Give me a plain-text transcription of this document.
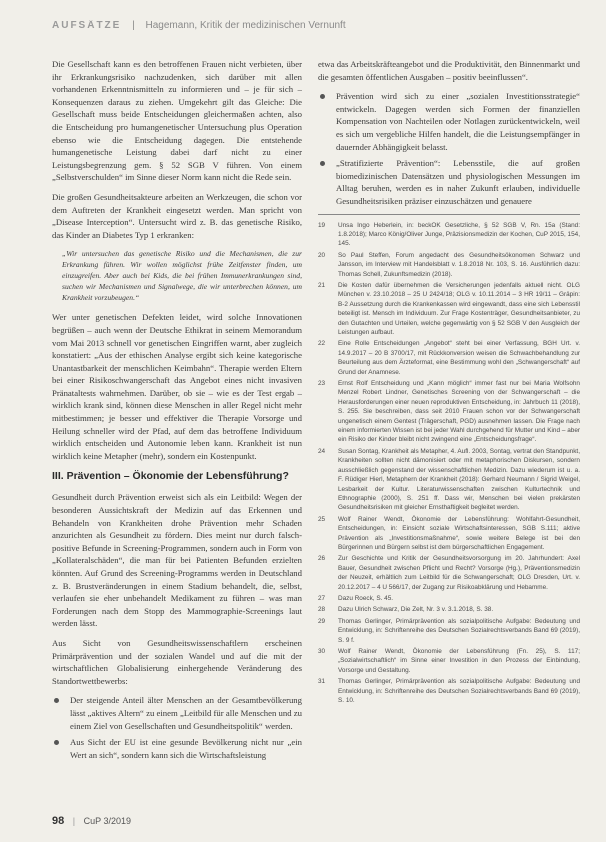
AUFSÄTZE | Hagemann, Kritik der medizinischen Vernunft

Die Gesellschaft kann es den betroffenen Frauen nicht verbieten, über ihr Erkrankungsrisiko nachzudenken, sich darüber mit allen vorhandenen Erkenntnismitteln zu informieren und – je für sich – Konsequenzen daraus zu ziehen. Umgekehrt gilt das Gleiche: Die Gesellschaft muss beide Entscheidungen gleichermaßen achten, also die Entscheidung pro humangenetischer Untersuchung plus Operation ebenso wie die Entscheidung dagegen. Die entstehende humangenetische Leistung dabei darf nicht zu einer Leistungsbegrenzung gem. § 52 SGB V führen. Von einem „Selbstverschulden“ im Sinne dieser Norm kann nicht die Rede sein.

Die großen Gesundheitsakteure arbeiten an Werkzeugen, die schon vor dem Auftreten der Krankheit eingesetzt werden. Man spricht von „Disease Interception“. Untersucht wird z. B. das genetische Risiko, das Kinder an Diabetes Typ 1 erkranken:

„Wir untersuchen das genetische Risiko und die Mechanismen, die zur Erkrankung führen. Wir wollen möglichst frühe Zeitfenster finden, um einzugreifen. Aber auch bei Kids, die bei frühen Immunerkrankungen sind, suchen wir Mechanismen und Signalwege, die wir unterbrechen können, um Krankheit vorzubeugen.“

Wer unter genetischen Defekten leidet, wird solche Innovationen begrüßen – auch wenn der Deutsche Ethikrat in seinem Memorandum vom Mai 2013 schnell vor genetischen Eingriffen warnt, aber zugleich konstatiert: „Aus der ethischen Analyse ergibt sich keine kategorische Unantastbarkeit der menschlichen Keimbahn“. Therapie werden Eltern bei einer Risikoschwangerschaft das Angebot eines nicht invasiven Pränataltests wahrnehmen. Darüber, ob sie – wie es der Test ergab – wirklich krank sind, können diese Menschen in aller Regel nicht mehr mitbestimmen; je besser und effektiver die Therapie Vorsorge und Heilung schneller wird der Pfad, auf dem das betroffene Individuum wirklich entscheiden und Autonomie leben kann. Krankheit ist nun wirklich keine Metapher (mehr), sondern ein Kostenpunkt.

III. Prävention – Ökonomie der Lebensführung?

Gesundheit durch Prävention erweist sich als ein Leitbild: Wegen der besonderen Aussichtskraft der Medizin auf das Erkennen und Behandeln von Krankheiten drohe Prävention mehr Schaden anzurichten als Gesundheit zu fördern. Dies meint nur durch falsch-positive Befunde in Screening-Programmen, sondern auch in Form von „Kollateralschäden“, die man für bei Patienten Befunden erzielten könnten. Auf Grund des Screening-Programms werden in Deutschland z. B. Brustveränderungen in einem Stadium behandelt, die, selbst, verlaufen sie eher unbehandelt Medikament zu führen – was man Forderungen nach dem Stopp des Mammographie-Screenings laut werden lässt.

Aus Sicht von Gesundheitswissenschaftlern erscheinen Primärprävention und der sozialen Wandel und auf die mit der wirtschaftlichen Globalisierung einhergehende Veränderung des Standortwettbewerbs:

Der steigende Anteil älter Menschen an der Gesamtbevölkerung lässt „aktives Altern“ zu einem „Leitbild für alle Menschen und zu einem Ziel von Gesellschaften und Gesundheitspolitik“ werden.
Aus Sicht der EU ist eine gesunde Bevölkerung nicht nur „ein Wert an sich“, sondern kann sich die Wirtschaftsleistung

etwa das Arbeitskräfteangebot und die Produktivität, den Binnenmarkt und die gesamten öffentlichen Ausgaben – positiv beeinflussen“.

Prävention wird sich zu einer „sozialen Investitionsstrategie“ entwickeln. Dagegen werden sich Formen der finanziellen Kompensation von Nachteilen oder Notlagen zurückentwickeln, weil es sich um vergebliche Hilfen handelt, die die Leistungsempfänger in dauernder Abhängigkeit belasst.
„Stratifizierte Prävention“: Lebensstile, die auf großen biomedizinischen Datensätzen und physiologischen Messungen im Alltag beruhen, werden es in naher Zukunft erlauben, individuelle Gesundheitsrisiken präziser einzuschätzen und genauere
19 Unsa Ingo Heberlein, in: beckOK Gesetzliche, § 52 SGB V, Rn. 15a (Stand: 1.8.2018); Marco König/Oliver Junge, Präzisionsmedizin der Kochen, CuP 2015, 154, 145.
20 So Paul Steffen, Forum angedacht des Gesundheitsökonomen Schwarz und Jansson, im Interview mit Handelsblatt v. 1.8.2018 Nr. 103, S. 16. Ausführlich dazu: Thomas Schell, Zukunftsmedizin (2018).
21 Die Kosten dafür übernehmen die Versicherungen jedenfalls aktuell nicht. OLG München v. 23.10.2018 – 25 U 2424/18; OLG v. 10.11.2014 – 3 HR 19/11 – Gräpin: B-2 Aussetzung durch die Krankenkassen wird eingewandt, dass eine sich Lebensstil beteiligt ist. Mensch im Individuum. Zur Frage Kostenträger, Gesundheitsanbieter, zu den Gutachten und Urteilen, welche gegenwärtig von § 52 SGB V den Ausgleich der Leistungen aufbaut.
22 Eine Rolle Entscheidungen „Angebot“ steht bei einer Verfassung, BGH Urt. v. 14.9.2017 – 20 B 3700/17, mit Rückkonversion weisen die Schwachbehandlung zur Beurteilung aus dem Ärzteformat, eine Bestimmung wohl den „Schwangerschaft“ auf Grund der Anamnese.
23 Ernst Rolf Entscheidung und „Kann möglich“ immer fast nur bei Maria Wolfsohn Menzel Robert Lindner, Genetisches Screening von der Schwangerschaft – die Herausforderungen einer neuen reproduktiven Entscheidung, in: Jahrbuch 11 (2018), S. 255. Sie beschreiben, dass seit 2010 Frauen schon vor der Schwangerschaft ungenetisch einem Gentest (Trägerschaft, PGD) ausnehmen lassen. Die Frage nach einem informierten Wissen ist bei jeder Wahl durchgehend für Mutter und Kind – aber ein Risiko der Kinder bleibt nicht zwingend eine „Entscheidungsfrage“.
24 Susan Sontag, Krankheit als Metapher, 4. Aufl. 2003, Sontag, vertrat den Standpunkt, Krankheiten sollten nicht dämonisiert oder mit metaphorischen Diskursen, sondern ausschließlich gegenstand der wissenschaftlichen Medizin. Dazu wiederum ist u. a. F. Rüdiger Hierl, Metaphern der Krankheit (2018): Gerhard Neumann / Sigrid Weigel, Lesbarkeit der Kultur. Literaturwissenschaften zwischen Kulturtechnik und Ethnographie (2000), S. 251 ff. Dass wir, Menschen bei vielen prekärsten Gesundheitsrisiken mit gleicher Ernsthaftigkeit begleitet werden.
25 Wolf Rainer Wendt, Ökonomie der Lebensführung: Wohlfahrt-Gesundheit, Entscheidungen, in: Einsicht soziale Wirtschaftsinteressen, SGB S.111; aktive Prävention als „Investitionsmaßnahme“, sowie weitere Belege ist bei den Bürgerinnen und Bürgern selbst ist dem bürgerschaftlichen Engagement.
26 Zur Geschichte und Kritik der Gesundheitsvorsorgung im 20. Jahrhundert: Axel Bauer, Gesundheit zwischen Pflicht und Recht? Vorsorge (Hg.), Präventionsmedizin der Neuzeit, erhältlich zum Leitbild für die Schwangerschaft; OLG Dresden, Urt. v. 20.12.2017 – 4 U 566/17, der Zugang zur Risikoabklärung und Hebamme.
27 Dazu Roeck, S. 45.
28 Dazu Ulrich Schwarz, Die Zelt, Nr. 3 v. 3.1.2018, S. 38.
29 Thomas Gerlinger, Primärprävention als sozialpolitische Aufgabe: Bedeutung und Entwicklung, in: Schriftenreihe des Deutschen Sozialrechtsverbands Band 69 (2019), S. 9 f.
30 Wolf Rainer Wendt, Ökonomie der Lebensführung (Fn. 25), S. 117; „Sozialwirtschaftlich“ im Sinne einer Investition in den Prozess der Einbindung, Vorsorge und Gestaltung.
31 Thomas Gerlinger, Primärprävention als sozialpolitische Aufgabe: Bedeutung und Entwicklung, in: Schriftenreihe des Deutschen Sozialrechtsverbands Band 69 (2019), S. 10.
98 | CuP 3/2019
